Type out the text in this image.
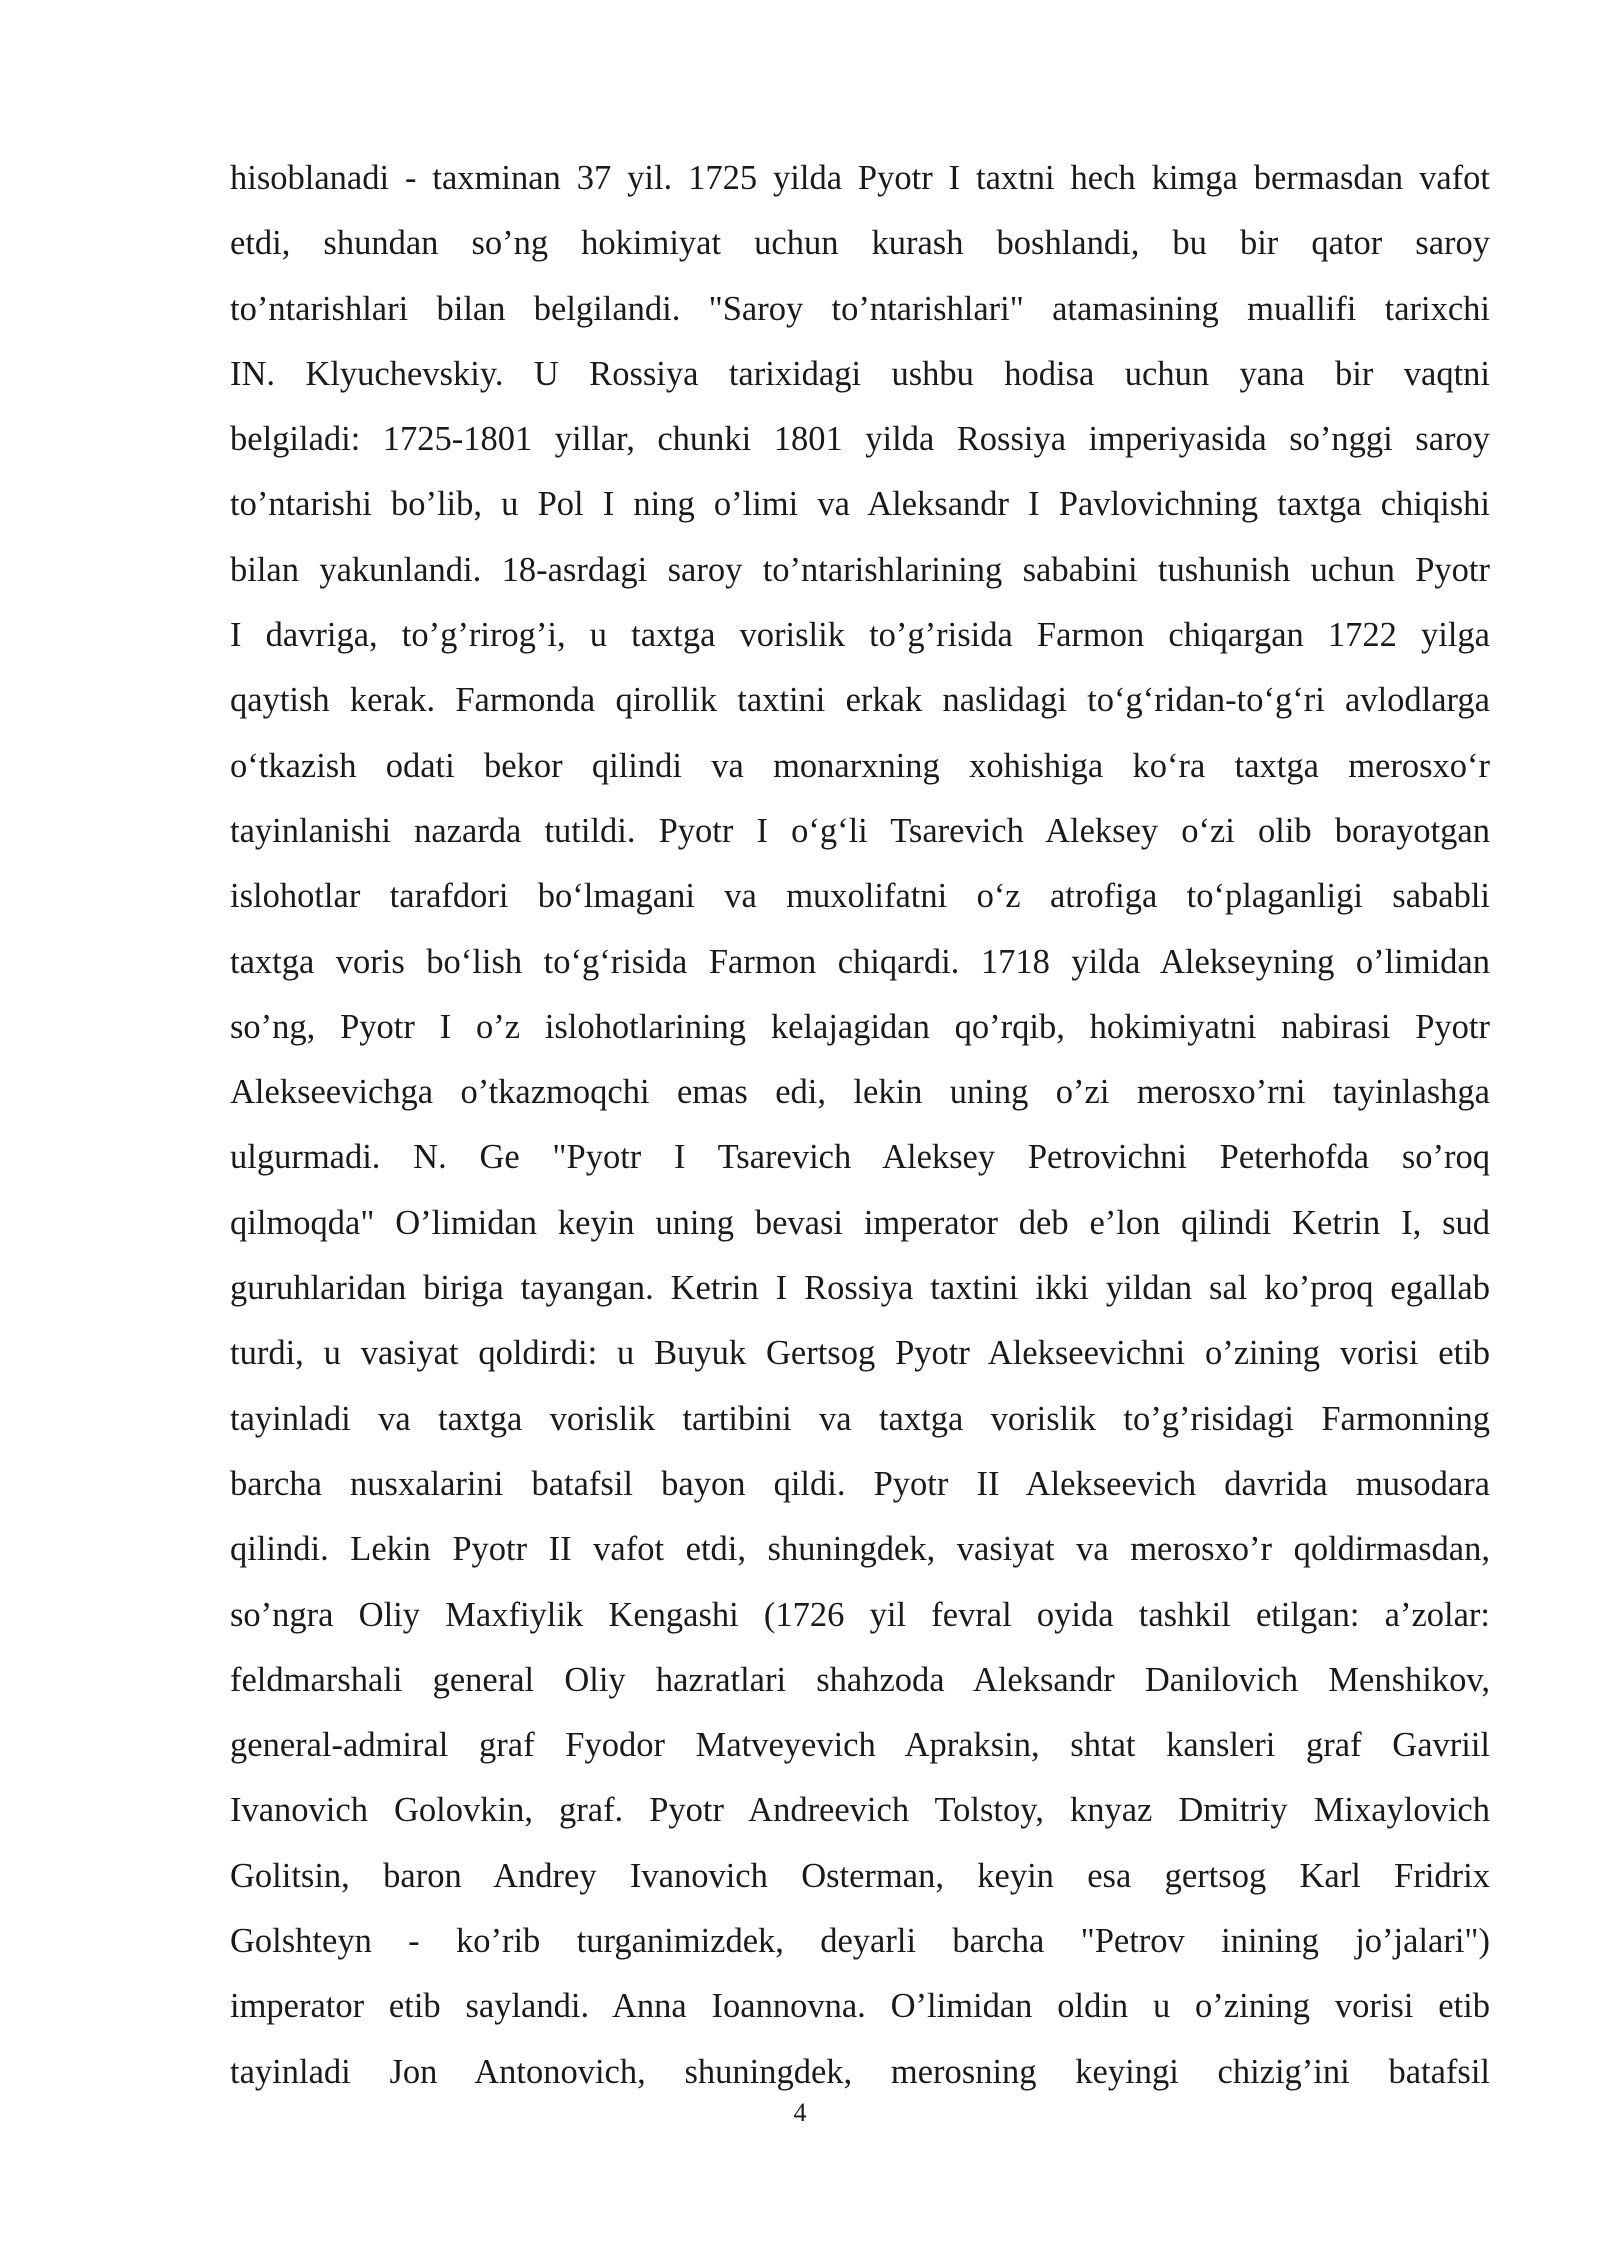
hisoblanadi - taxminan 37 yil. 1725 yilda Pyotr I taxtni hech kimga bermasdan vafot
etdi, shundan so’ng hokimiyat uchun kurash boshlandi, bu bir qator saroy
to’ntarishlari bilan belgilandi. "Saroy to’ntarishlari" atamasining muallifi tarixchi
IN. Klyuchevskiy. U Rossiya tarixidagi ushbu hodisa uchun yana bir vaqtni
belgiladi: 1725-1801 yillar, chunki 1801 yilda Rossiya imperiyasida so’nggi saroy
to’ntarishi bo’lib, u Pol I ning o’limi va Aleksandr I Pavlovichning taxtga chiqishi
bilan yakunlandi. 18-asrdagi saroy to’ntarishlarining sababini tushunish uchun Pyotr
I davriga, to’g’rirog’i, u taxtga vorislik to’g’risida Farmon chiqargan 1722 yilga
qaytish kerak. Farmonda qirollik taxtini erkak naslidagi to‘g‘ridan-to‘g‘ri avlodlarga
o‘tkazish odati bekor qilindi va monarxning xohishiga ko‘ra taxtga merosxo‘r
tayinlanishi nazarda tutildi. Pyotr I o‘g‘li Tsarevich Aleksey o‘zi olib borayotgan
islohotlar tarafdori bo‘lmagani va muxolifatni o‘z atrofiga to‘plaganligi sababli
taxtga voris bo‘lish to‘g‘risida Farmon chiqardi. 1718 yilda Alekseyning o’limidan
so’ng, Pyotr I o’z islohotlarining kelajagidan qo’rqib, hokimiyatni nabirasi Pyotr
Alekseevichga o’tkazmoqchi emas edi, lekin uning o’zi merosxo’rni tayinlashga
ulgurmadi. N. Ge "Pyotr I Tsarevich Aleksey Petrovichni Peterhofda so’roq
qilmoqda" O’limidan keyin uning bevasi imperator deb e’lon qilindi Ketrin I, sud
guruhlaridan biriga tayangan. Ketrin I Rossiya taxtini ikki yildan sal ko’proq egallab
turdi, u vasiyat qoldirdi: u Buyuk Gertsog Pyotr Alekseevichni o’zining vorisi etib
tayinladi va taxtga vorislik tartibini va taxtga vorislik to’g’risidagi Farmonning
barcha nusxalarini batafsil bayon qildi. Pyotr II Alekseevich davrida musodara
qilindi. Lekin Pyotr II vafot etdi, shuningdek, vasiyat va merosxo’r qoldirmasdan,
so’ngra Oliy Maxfiylik Kengashi (1726 yil fevral oyida tashkil etilgan: a’zolar:
feldmarshali general Oliy hazratlari shahzoda Aleksandr Danilovich Menshikov,
general-admiral graf Fyodor Matveyevich Apraksin, shtat kansleri graf Gavriil
Ivanovich Golovkin, graf. Pyotr Andreevich Tolstoy, knyaz Dmitriy Mixaylovich
Golitsin, baron Andrey Ivanovich Osterman, keyin esa gertsog Karl Fridrix
Golshteyn - ko’rib turganimizdek, deyarli barcha "Petrov inining jo’jalari")
imperator etib saylandi. Anna Ioannovna. O’limidan oldin u o’zining vorisi etib
tayinladi Jon Antonovich, shuningdek, merosning keyingi chizig’ini batafsil
4
